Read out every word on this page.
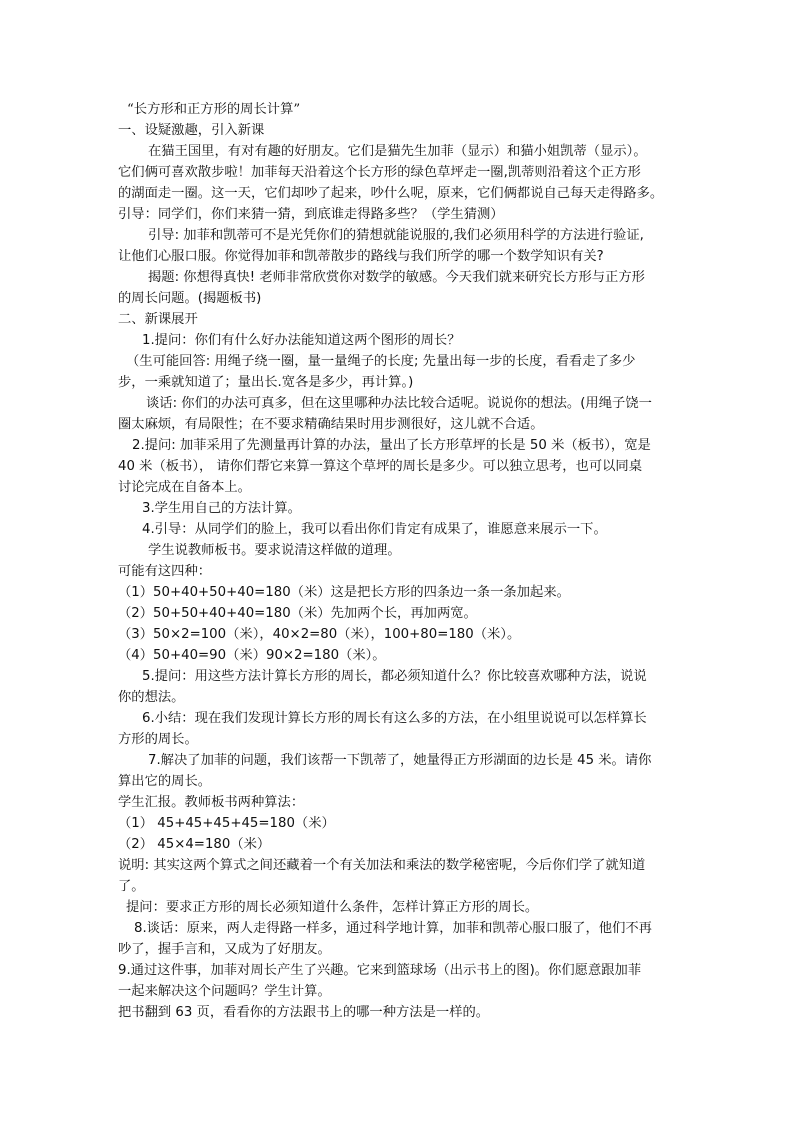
“长方形和正方形的周长计算”
一、设疑激趣，引入新课
在猫王国里，有对有趣的好朋友。它们是猫先生加菲（显示）和猫小姐凯蒂（显示）。
它们俩可喜欢散步啦！加菲每天沿着这个长方形的绿色草坪走一圈,凯蒂则沿着这个正方形
的湖面走一圈。这一天，它们却吵了起来，吵什么呢，原来，它们俩都说自己每天走得路多。
引导：同学们，你们来猜一猜，到底谁走得路多些？（学生猜测）
引导: 加菲和凯蒂可不是光凭你们的猜想就能说服的,我们必须用科学的方法进行验证,
让他们心服口服。你觉得加菲和凯蒂散步的路线与我们所学的哪一个数学知识有关?
揭题: 你想得真快! 老师非常欣赏你对数学的敏感。今天我们就来研究长方形与正方形
的周长问题。(揭题板书)
二、新课展开
1.提问：你们有什么好办法能知道这两个图形的周长？
（生可能回答: 用绳子绕一圈，量一量绳子的长度; 先量出每一步的长度，看看走了多少
步，一乘就知道了；量出长.宽各是多少，再计算。)
谈话: 你们的办法可真多，但在这里哪种办法比较合适呢。说说你的想法。(用绳子饶一
圈太麻烦，有局限性；在不要求精确结果时用步测很好，这儿就不合适。
2.提问: 加菲采用了先测量再计算的办法，量出了长方形草坪的长是 50 米（板书），宽是
40 米（板书）， 请你们帮它来算一算这个草坪的周长是多少。可以独立思考，也可以同桌
讨论完成在自备本上。
3.学生用自己的方法计算。
4.引导：从同学们的脸上，我可以看出你们肯定有成果了，谁愿意来展示一下。
学生说教师板书。要求说清这样做的道理。
可能有这四种：
（1）50+40+50+40=180（米）这是把长方形的四条边一条一条加起来。
（2）50+50+40+40=180（米）先加两个长，再加两宽。
（3）50×2=100（米），40×2=80（米），100+80=180（米）。
（4）50+40=90（米）90×2=180（米）。
5.提问：用这些方法计算长方形的周长，都必须知道什么？你比较喜欢哪种方法，说说
你的想法。
6.小结：现在我们发现计算长方形的周长有这么多的方法，在小组里说说可以怎样算长
方形的周长。
7.解决了加菲的问题，我们该帮一下凯蒂了，她量得正方形湖面的边长是 45 米。请你
算出它的周长。
学生汇报。教师板书两种算法：
（1） 45+45+45+45=180（米）
（2） 45×4=180（米）
说明: 其实这两个算式之间还藏着一个有关加法和乘法的数学秘密呢，今后你们学了就知道
了。
提问：要求正方形的周长必须知道什么条件，怎样计算正方形的周长。
8.谈话：原来，两人走得路一样多，通过科学地计算，加菲和凯蒂心服口服了，他们不再
吵了，握手言和，又成为了好朋友。
9.通过这件事，加菲对周长产生了兴趣。它来到篮球场（出示书上的图)。你们愿意跟加菲
一起来解决这个问题吗？学生计算。
把书翻到 63 页，看看你的方法跟书上的哪一种方法是一样的。
